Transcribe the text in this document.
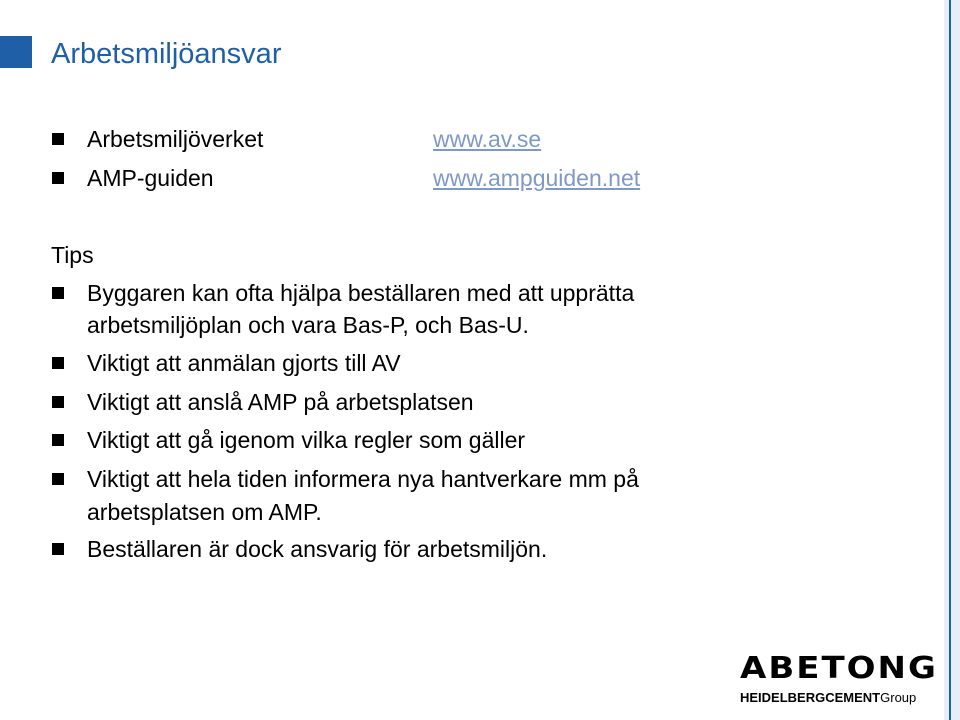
Arbetsmiljöansvar
Arbetsmiljöverket	www.av.se
AMP-guiden	www.ampguiden.net
Tips
Byggaren kan ofta hjälpa beställaren med att upprätta
arbetsmiljöplan och vara Bas-P, och Bas-U.
Viktigt att anmälan gjorts till AV
Viktigt att anslå AMP på arbetsplatsen
Viktigt att gå igenom vilka regler som gäller
Viktigt att hela tiden informera nya hantverkare mm på
arbetsplatsen om AMP.
Beställaren är dock ansvarig för arbetsmiljön.
ABETONG
HEIDELBERGCEMENTGroup
